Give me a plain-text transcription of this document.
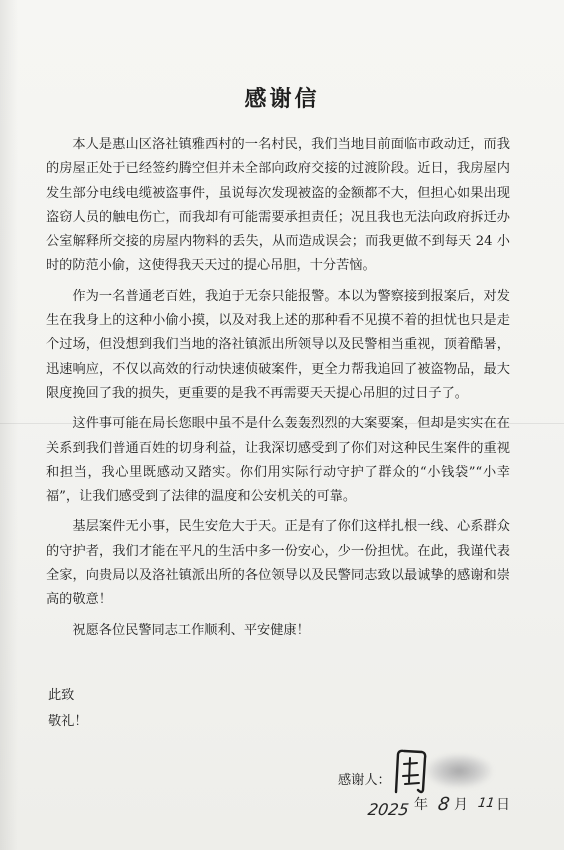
感谢信

本人是惠山区洛社镇雅西村的一名村民，我们当地目前面临市政动迁，而我的房屋正处于已经签约腾空但并未全部向政府交接的过渡阶段。近日，我房屋内发生部分电线电缆被盗事件，虽说每次发现被盗的金额都不大，但担心如果出现盗窃人员的触电伤亡，而我却有可能需要承担责任；况且我也无法向政府拆迁办公室解释所交接的房屋内物料的丢失，从而造成误会；而我更做不到每天 24 小时的防范小偷，这使得我天天过的提心吊胆，十分苦恼。

作为一名普通老百姓，我迫于无奈只能报警。本以为警察接到报案后，对发生在我身上的这种小偷小摸，以及对我上述的那种看不见摸不着的担忧也只是走个过场，但没想到我们当地的洛社镇派出所领导以及民警相当重视，顶着酷暑，迅速响应，不仅以高效的行动快速侦破案件，更全力帮我追回了被盗物品，最大限度挽回了我的损失，更重要的是我不再需要天天提心吊胆的过日子了。

这件事可能在局长您眼中虽不是什么轰轰烈烈的大案要案，但却是实实在在关系到我们普通百姓的切身利益，让我深切感受到了你们对这种民生案件的重视和担当，我心里既感动又踏实。你们用实际行动守护了群众的“小钱袋”“小幸福”，让我们感受到了法律的温度和公安机关的可靠。

基层案件无小事，民生安危大于天。正是有了你们这样扎根一线、心系群众的守护者，我们才能在平凡的生活中多一份安心，少一份担忧。在此，我谨代表全家，向贵局以及洛社镇派出所的各位领导以及民警同志致以最诚挚的感谢和崇高的敬意！

祝愿各位民警同志工作顺利、平安健康！

此致
敬礼！
感谢人：
2025 年 8 月 11 日
